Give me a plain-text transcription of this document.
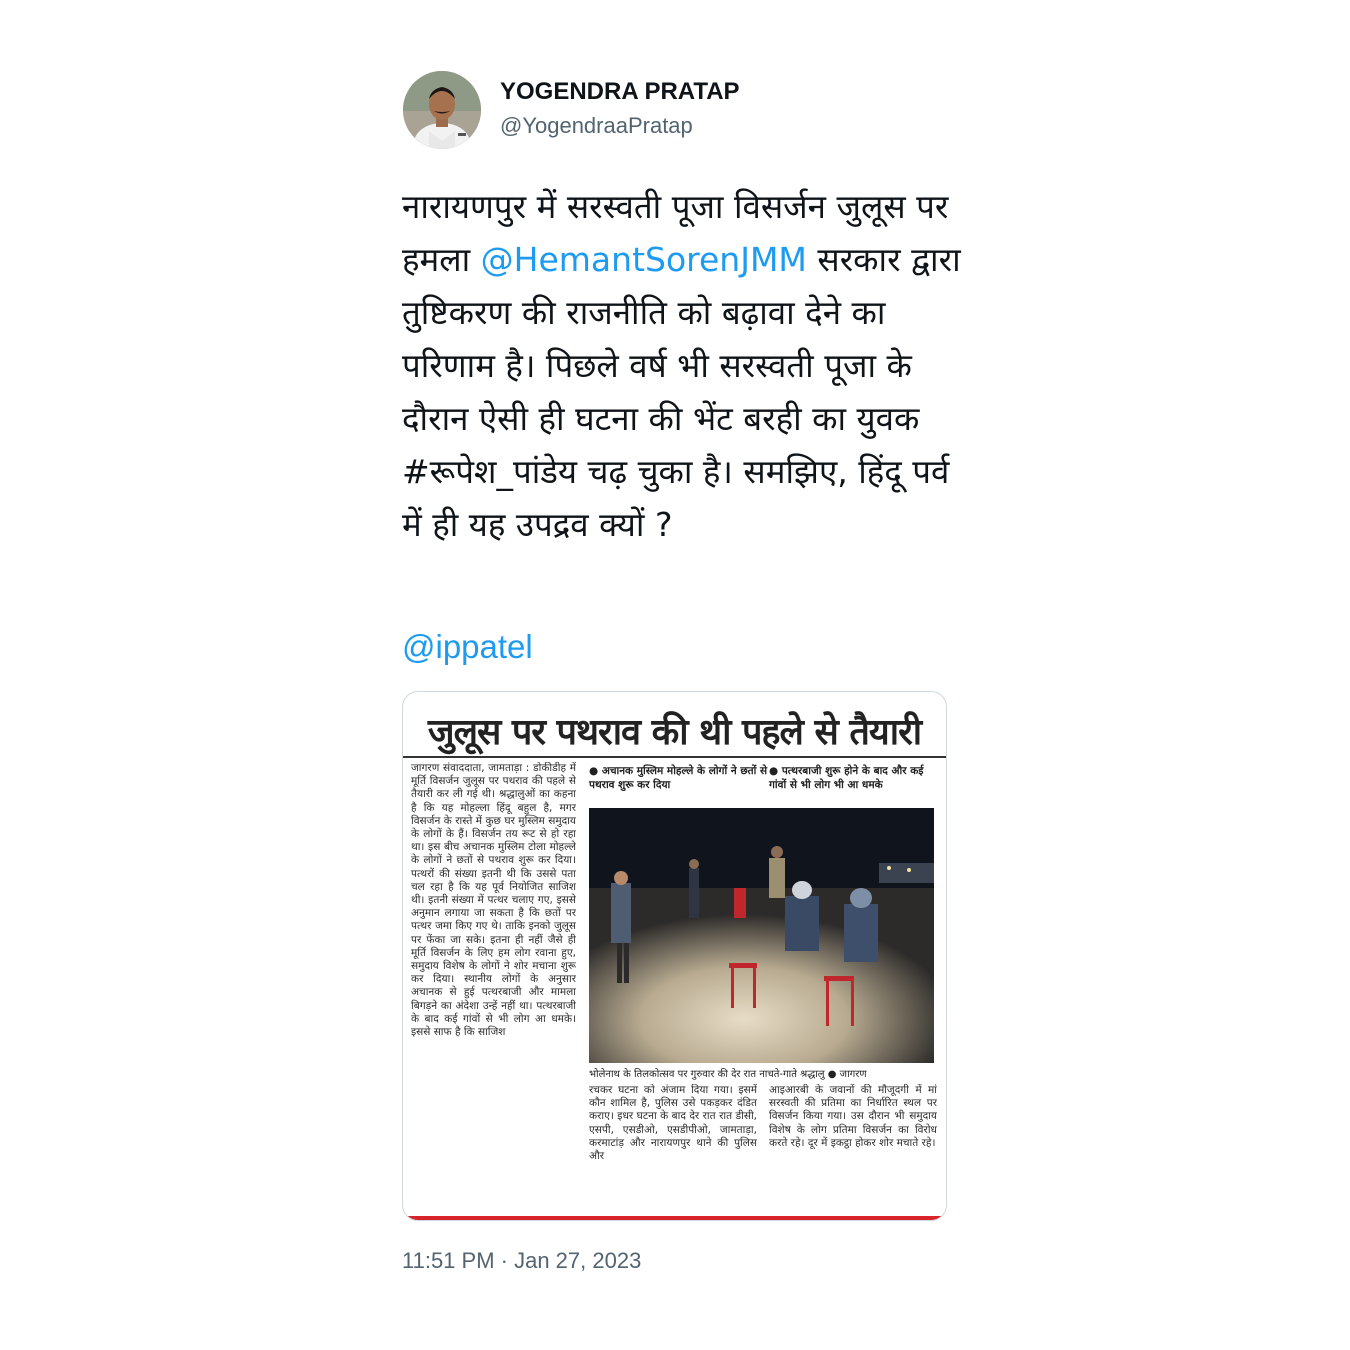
YOGENDRA PRATAP
@YogendraaPratap

नारायणपुर में सरस्वती पूजा विसर्जन जुलूस पर हमला @HemantSorenJMM सरकार द्वारा तुष्टिकरण की राजनीति को बढ़ावा देने का परिणाम है। पिछले वर्ष भी सरस्वती पूजा के दौरान ऐसी ही घटना की भेंट बरही का युवक #रूपेश_पांडेय चढ़ चुका है। समझिए, हिंदू पर्व में ही यह उपद्रव क्यों ?

@ippatel
जुलूस पर पथराव की थी पहले से तैयारी
जागरण संवाददाता, जामताड़ा : डोकीडीह में मूर्ति विसर्जन जुलूस पर पथराव की पहले से तैयारी कर ली गई थी। श्रद्धालुओं का कहना है कि यह मोहल्ला हिंदू बहुल है, मगर विसर्जन के रास्ते में कुछ घर मुस्लिम समुदाय के लोगों के हैं। विसर्जन तय रूट से हो रहा था। इस बीच अचानक मुस्लिम टोला मोहल्ले के लोगों ने छतों से पथराव शुरू कर दिया। पत्थरों की संख्या इतनी थी कि उससे पता चल रहा है कि यह पूर्व नियोजित साजिश थी। इतनी संख्या में पत्थर चलाए गए, इससे अनुमान लगाया जा सकता है कि छतों पर पत्थर जमा किए गए थे। ताकि इनको जुलूस पर फेंका जा सके। इतना ही नहीं जैसे ही मूर्ति विसर्जन के लिए हम लोग रवाना हुए, समुदाय विशेष के लोगों ने शोर मचाना शुरू कर दिया। स्थानीय लोगों के अनुसार अचानक से हुई पत्थरबाजी और मामला बिगड़ने का अंदेशा उन्हें नहीं था। पत्थरबाजी के बाद कई गांवों से भी लोग आ धमके। इससे साफ है कि साजिश
● अचानक मुस्लिम मोहल्ले के लोगों ने छतों से पथराव शुरू कर दिया
● पत्थरबाजी शुरू होने के बाद और कई गांवों से भी लोग भी आ धमके
भोलेनाथ के तिलकोत्सव पर गुरुवार की देर रात नाचते-गाते श्रद्धालु ● जागरण
रचकर घटना को अंजाम दिया गया। इसमें कौन शामिल है, पुलिस उसे पकड़कर दंडित कराए। इधर घटना के बाद देर रात रात डीसी, एसपी, एसडीओ, एसडीपीओ, जामताड़ा, करमाटांड़ और नारायणपुर थाने की पुलिस और
आइआरबी के जवानों की मौजूदगी में मां सरस्वती की प्रतिमा का निर्धारित स्थल पर विसर्जन किया गया। उस दौरान भी समुदाय विशेष के लोग प्रतिमा विसर्जन का विरोध करते रहे। दूर में इकट्ठा होकर शोर मचाते रहे।
11:51 PM · Jan 27, 2023
